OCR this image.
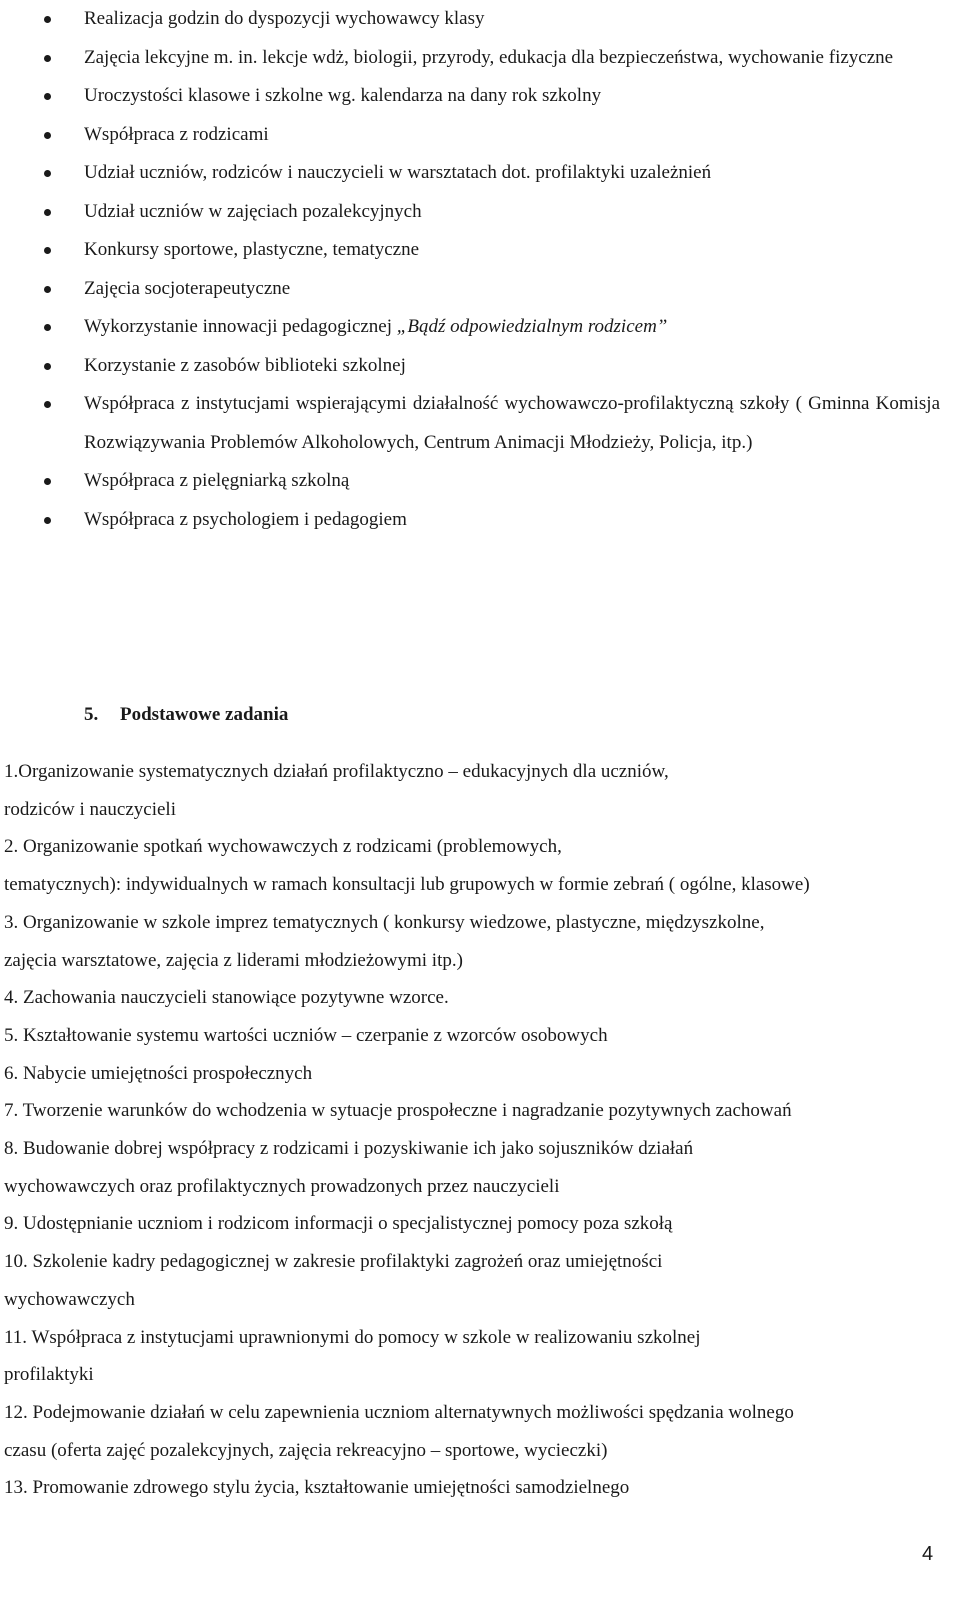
Realizacja godzin do dyspozycji wychowawcy klasy
Zajęcia lekcyjne m. in. lekcje wdż, biologii, przyrody, edukacja dla bezpieczeństwa, wychowanie fizyczne
Uroczystości klasowe i szkolne wg. kalendarza na dany rok szkolny
Współpraca z rodzicami
Udział uczniów, rodziców i nauczycieli w warsztatach dot. profilaktyki uzależnień
Udział uczniów w zajęciach pozalekcyjnych
Konkursy sportowe, plastyczne, tematyczne
Zajęcia socjoterapeutyczne
Wykorzystanie innowacji pedagogicznej „Bądź odpowiedzialnym rodzicem”
Korzystanie z zasobów biblioteki szkolnej
Współpraca z instytucjami wspierającymi działalność wychowawczo-profilaktyczną szkoły ( Gminna Komisja Rozwiązywania Problemów Alkoholowych, Centrum Animacji Młodzieży, Policja, itp.)
Współpraca z pielęgniarką szkolną
Współpraca z psychologiem i pedagogiem
5. Podstawowe zadania
1.Organizowanie systematycznych działań profilaktyczno – edukacyjnych dla uczniów,
rodziców i nauczycieli
2. Organizowanie spotkań wychowawczych z rodzicami (problemowych,
tematycznych): indywidualnych w ramach konsultacji lub grupowych w formie zebrań ( ogólne, klasowe)
3. Organizowanie w szkole imprez tematycznych ( konkursy wiedzowe, plastyczne, międzyszkolne,
zajęcia warsztatowe, zajęcia z liderami młodzieżowymi itp.)
4. Zachowania nauczycieli stanowiące pozytywne wzorce.
5. Kształtowanie systemu wartości uczniów – czerpanie z wzorców osobowych
6. Nabycie umiejętności prospołecznych
7. Tworzenie warunków do wchodzenia w sytuacje prospołeczne i nagradzanie pozytywnych zachowań
8. Budowanie dobrej współpracy z rodzicami i pozyskiwanie ich jako sojuszników działań
wychowawczych oraz profilaktycznych prowadzonych przez nauczycieli
9. Udostępnianie uczniom i rodzicom informacji o specjalistycznej pomocy poza szkołą
10. Szkolenie kadry pedagogicznej w zakresie profilaktyki zagrożeń oraz umiejętności
wychowawczych
11. Współpraca z instytucjami uprawnionymi do pomocy w szkole w realizowaniu szkolnej
profilaktyki
12. Podejmowanie działań w celu zapewnienia uczniom alternatywnych możliwości spędzania wolnego
czasu (oferta zajęć pozalekcyjnych, zajęcia rekreacyjno – sportowe, wycieczki)
13. Promowanie zdrowego stylu życia, kształtowanie umiejętności samodzielnego
4
